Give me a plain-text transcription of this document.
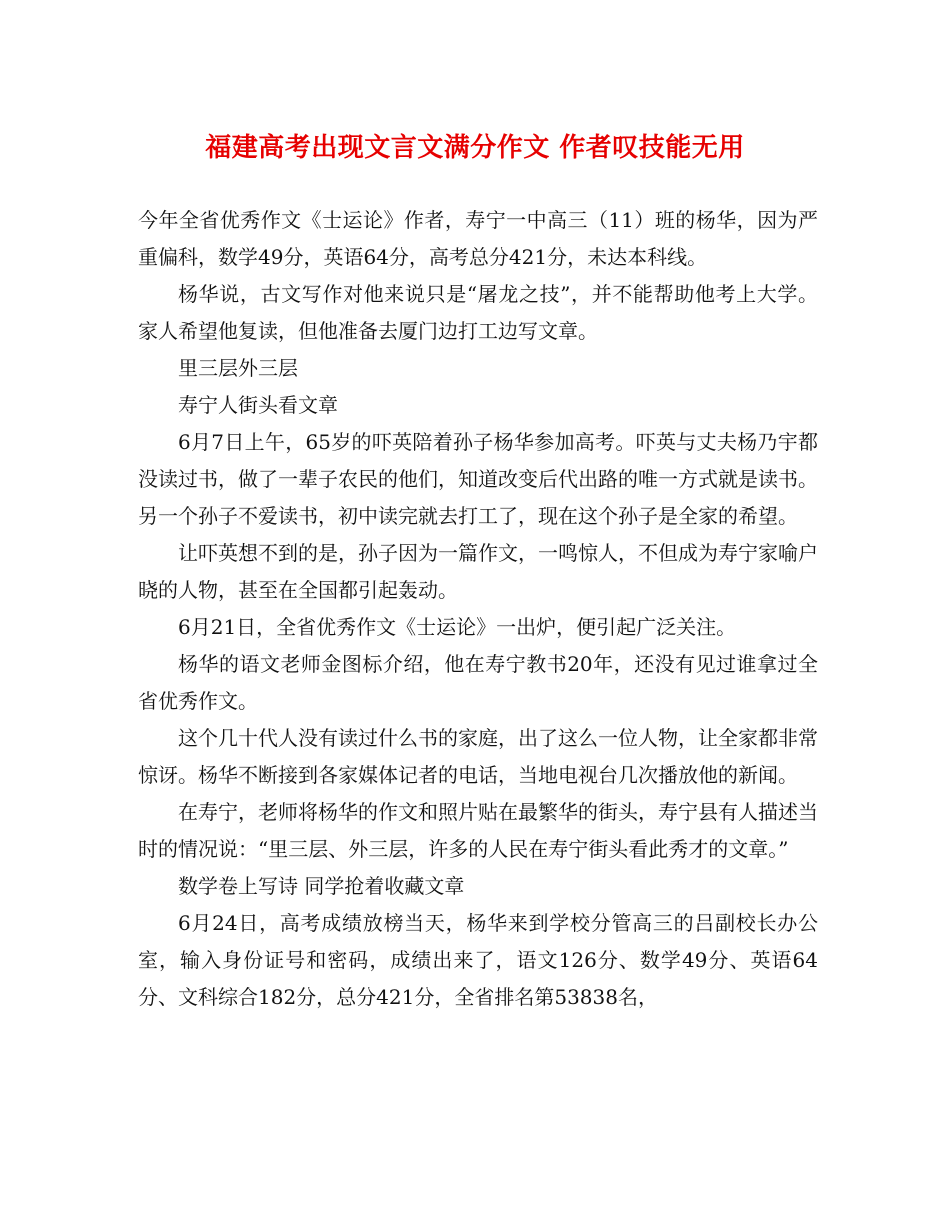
福建高考出现文言文满分作文 作者叹技能无用

今年全省优秀作文《士运论》作者，寿宁一中高三（11）班的杨华，因为严重偏科，数学49分，英语64分，高考总分421分，未达本科线。

杨华说，古文写作对他来说只是“屠龙之技”，并不能帮助他考上大学。家人希望他复读，但他准备去厦门边打工边写文章。

里三层外三层

寿宁人街头看文章

6月7日上午，65岁的吓英陪着孙子杨华参加高考。吓英与丈夫杨乃宇都没读过书，做了一辈子农民的他们，知道改变后代出路的唯一方式就是读书。另一个孙子不爱读书，初中读完就去打工了，现在这个孙子是全家的希望。

让吓英想不到的是，孙子因为一篇作文，一鸣惊人，不但成为寿宁家喻户晓的人物，甚至在全国都引起轰动。

6月21日，全省优秀作文《士运论》一出炉，便引起广泛关注。

杨华的语文老师金图标介绍，他在寿宁教书20年，还没有见过谁拿过全省优秀作文。

这个几十代人没有读过什么书的家庭，出了这么一位人物，让全家都非常惊讶。杨华不断接到各家媒体记者的电话，当地电视台几次播放他的新闻。

在寿宁，老师将杨华的作文和照片贴在最繁华的街头，寿宁县有人描述当时的情况说：“里三层、外三层，许多的人民在寿宁街头看此秀才的文章。”

数学卷上写诗 同学抢着收藏文章

6月24日，高考成绩放榜当天，杨华来到学校分管高三的吕副校长办公室，输入身份证号和密码，成绩出来了，语文126分、数学49分、英语64分、文科综合182分，总分421分，全省排名第53838名，
